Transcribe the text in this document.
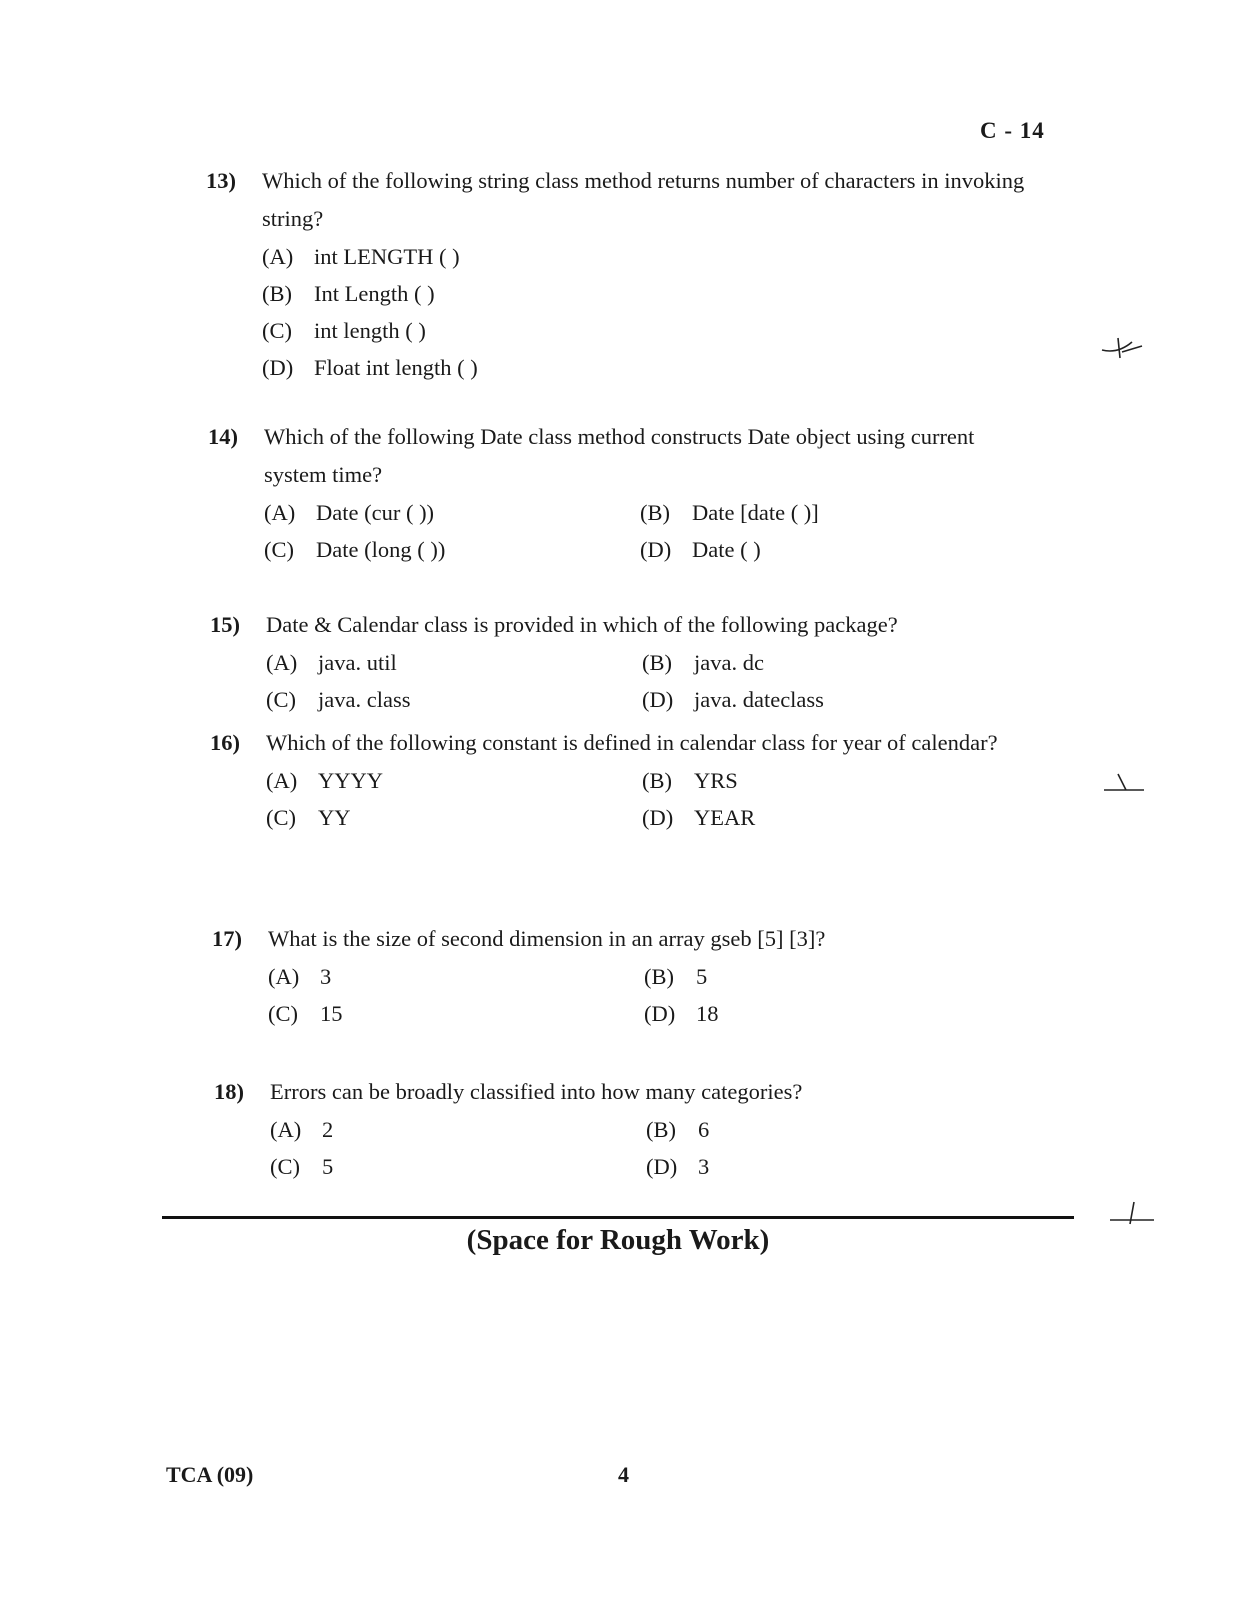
C - 14
13)	Which of the following string class method returns number of characters in invoking string?
(A) int LENGTH ( )
(B) Int Length ( )
(C) int length ( )
(D) Float int length ( )
14)	Which of the following Date class method constructs Date object using current system time?
(A) Date (cur ( ))	(B) Date [date ( )]
(C) Date (long ( ))	(D) Date ( )
15)	Date & Calendar class is provided in which of the following package?
(A) java. util	(B) java. dc
(C) java. class	(D) java. dateclass
16)	Which of the following constant is defined in calendar class for year of calendar?
(A) YYYY	(B) YRS
(C) YY	(D) YEAR
17)	What is the size of second dimension in an array gseb [5] [3]?
(A) 3	(B) 5
(C) 15	(D) 18
18)	Errors can be broadly classified into how many categories?
(A) 2	(B) 6
(C) 5	(D) 3
(Space for Rough Work)
TCA (09)	4
